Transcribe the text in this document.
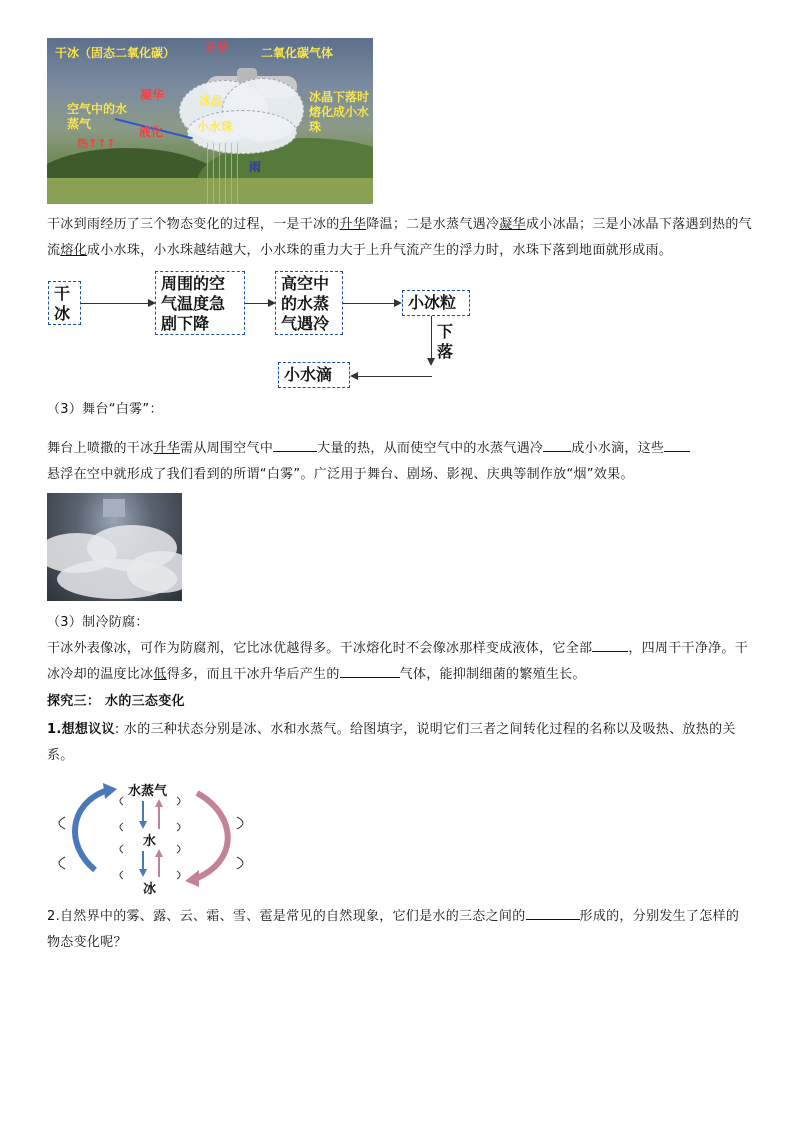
干冰（固态二氧化碳） 升华	二氧化碳气体
凝华
空气中的水蒸气
冰晶	冰晶下落时熔化成小水珠
液化	小水珠
热↑↑↑
雨
干冰到雨经历了三个物态变化的过程，一是干冰的升华降温；二是水蒸气遇冷凝华成小冰晶；三是小冰晶下落遇到热的气流熔化成小水珠，小水珠越结越大，小水珠的重力大于上升气流产生的浮力时，水珠下落到地面就形成雨。
干冰
周围的空气温度急剧下降
高空中的水蒸气遇冷
小冰粒
下落
小水滴
（3）舞台“白雾”：
舞台上喷撒的干冰升华需从周围空气中	大量的热，从而使空气中的水蒸气遇冷 成小水滴，这些
悬浮在空中就形成了我们看到的所谓“白雾”。广泛用于舞台、剧场、影视、庆典等制作放“烟”效果。
（3）制冷防腐：
干冰外表像冰，可作为防腐剂，它比冰优越得多。干冰熔化时不会像冰那样变成液体，它全部	，四周干干净净。干冰冷却的温度比冰低得多，而且干冰升华后产生的	气体，能抑制细菌的繁殖生长。
探究三： 水的三态变化
1.想想议议: 水的三种状态分别是冰、水和水蒸气。给图填字，说明它们三者之间转化过程的名称以及吸热、放热的关系。
水蒸气
水
冰
2.自然界中的雾、露、云、霜、雪、雹是常见的自然现象，它们是水的三态之间的	形成的，分别发生了怎样的物态变化呢？
